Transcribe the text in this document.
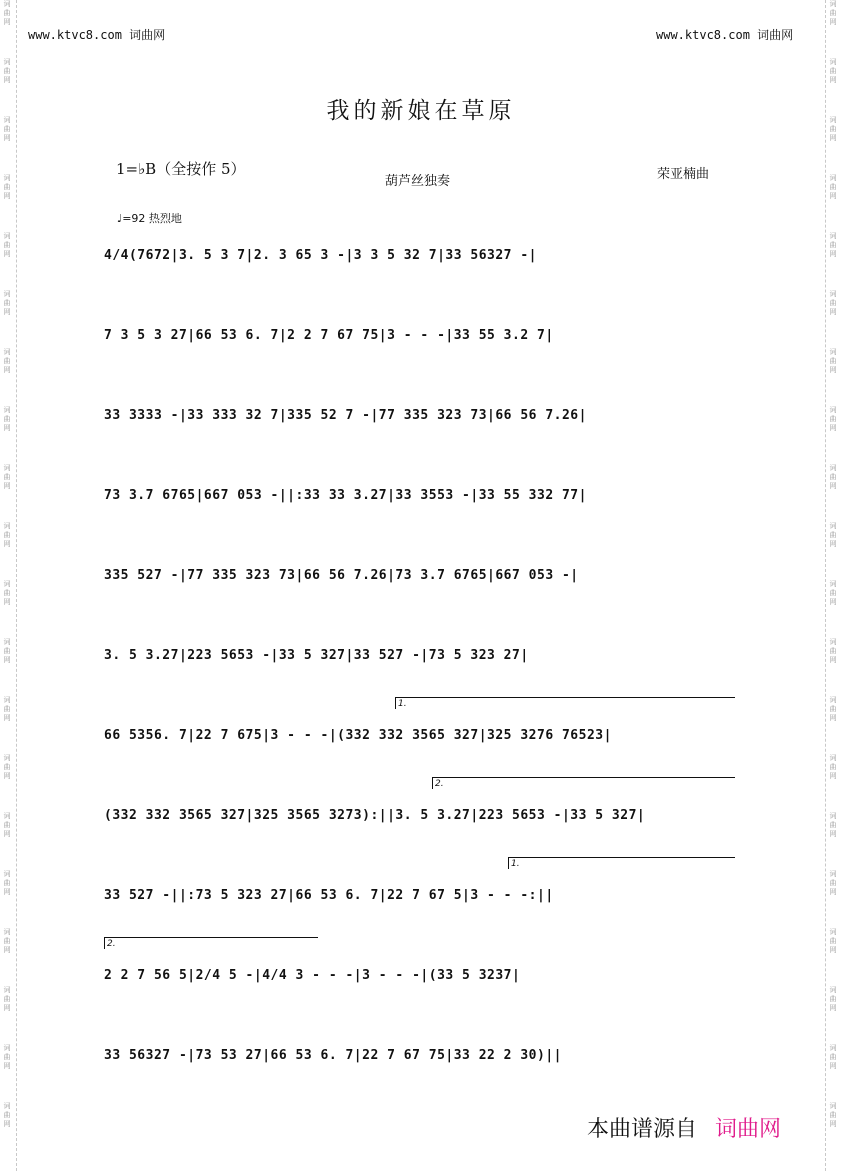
词
曲
网
词
曲
网
词
曲
网
词
曲
网
词
曲
网
词
曲
网
词
曲
网
词
曲
网
词
曲
网
词
曲
网
词
曲
网
词
曲
网
词
曲
网
词
曲
网
词
曲
网
词
曲
网
词
曲
网
词
曲
网
词
曲
网
词
曲
网
词
曲
网
词
曲
网
词
曲
网
词
曲
网
词
曲
网
词
曲
网
词
曲
网
词
曲
网
词
曲
网
词
曲
网
词
曲
网
词
曲
网
词
曲
网
词
曲
网
词
曲
网
词
曲
网
词
曲
网
词
曲
网
词
曲
网
词
曲
网
www.ktvc8.com 词曲网	www.ktvc8.com 词曲网
我的新娘在草原
1=♭B（全按作 5）
葫芦丝独奏	荣亚楠曲
♩=92 热烈地
4/4(7672|3. 5 3 7|2. 3 65 3 -|3 3 5 32 7|33 56327 -|
7 3 5 3 27|66 53 6. 7|2 2 7 67 75|3 - - -|33 55 3.2 7|
33 3333 -|33 333 32 7|335 52 7 -|77 335 323 73|66 56 7.26|
73 3.7 6765|667 053 -||:33 33 3.27|33 3553 -|33 55 332 77|
335 527 -|77 335 323 73|66 56 7.26|73 3.7 6765|667 053 -|
3. 5 3.27|223 5653 -|33 5 327|33 527 -|73 5 323 27|
66 5356. 7|22 7 675|3 - - -|(332 332 3565 327|325 3276 76523|
(332 332 3565 327|325 3565 3273):||3. 5 3.27|223 5653 -|33 5 327|
33 527 -||:73 5 323 27|66 53 6. 7|22 7 67 5|3 - - -:||
2 2 7 56 5|2/4 5 -|4/4 3 - - -|3 - - -|(33 5 3237|
33 56327 -|73 53 27|66 53 6. 7|22 7 67 75|33 22 2 30)||
1.
2.
1.
2.
本曲谱源自 词曲网
